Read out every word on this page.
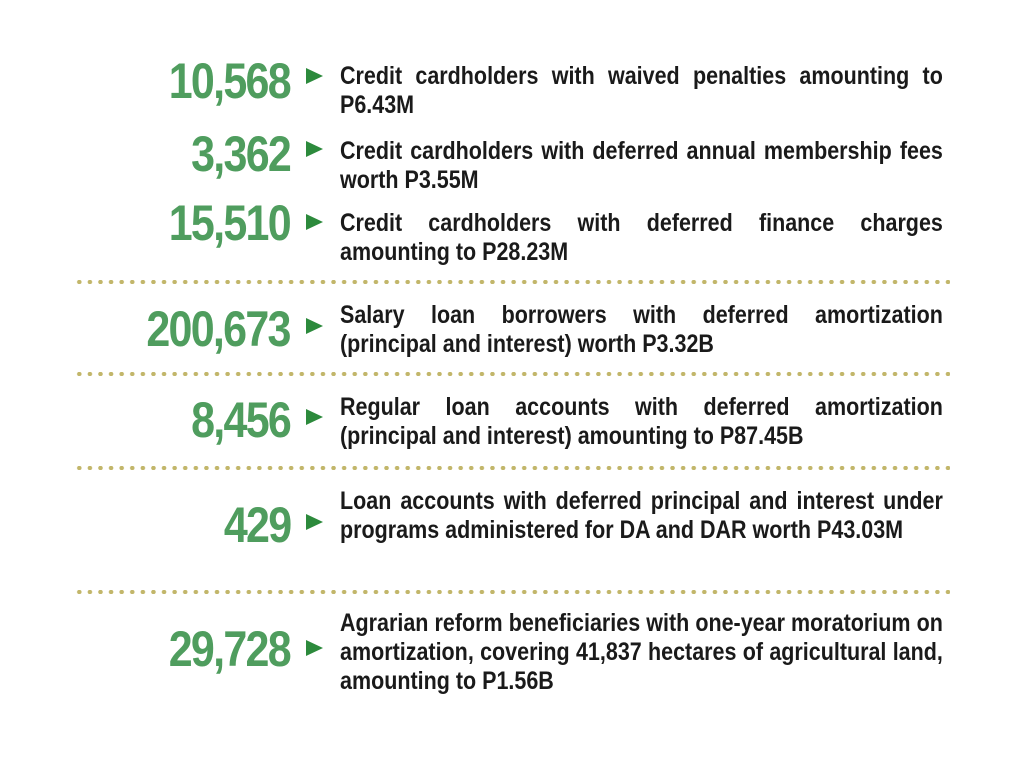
10,568 Credit cardholders with waived penalties amounting to P6.43M
3,362 Credit cardholders with deferred annual membership fees worth P3.55M
15,510 Credit cardholders with deferred finance charges amounting to P28.23M
200,673 Salary loan borrowers with deferred amortization (principal and interest) worth P3.32B
8,456 Regular loan accounts with deferred amortization (principal and interest) amounting to P87.45B
429 Loan accounts with deferred principal and interest under programs administered for DA and DAR worth P43.03M
29,728 Agrarian reform beneficiaries with one-year moratorium on amortization, covering 41,837 hectares of agricultural land, amounting to P1.56B
